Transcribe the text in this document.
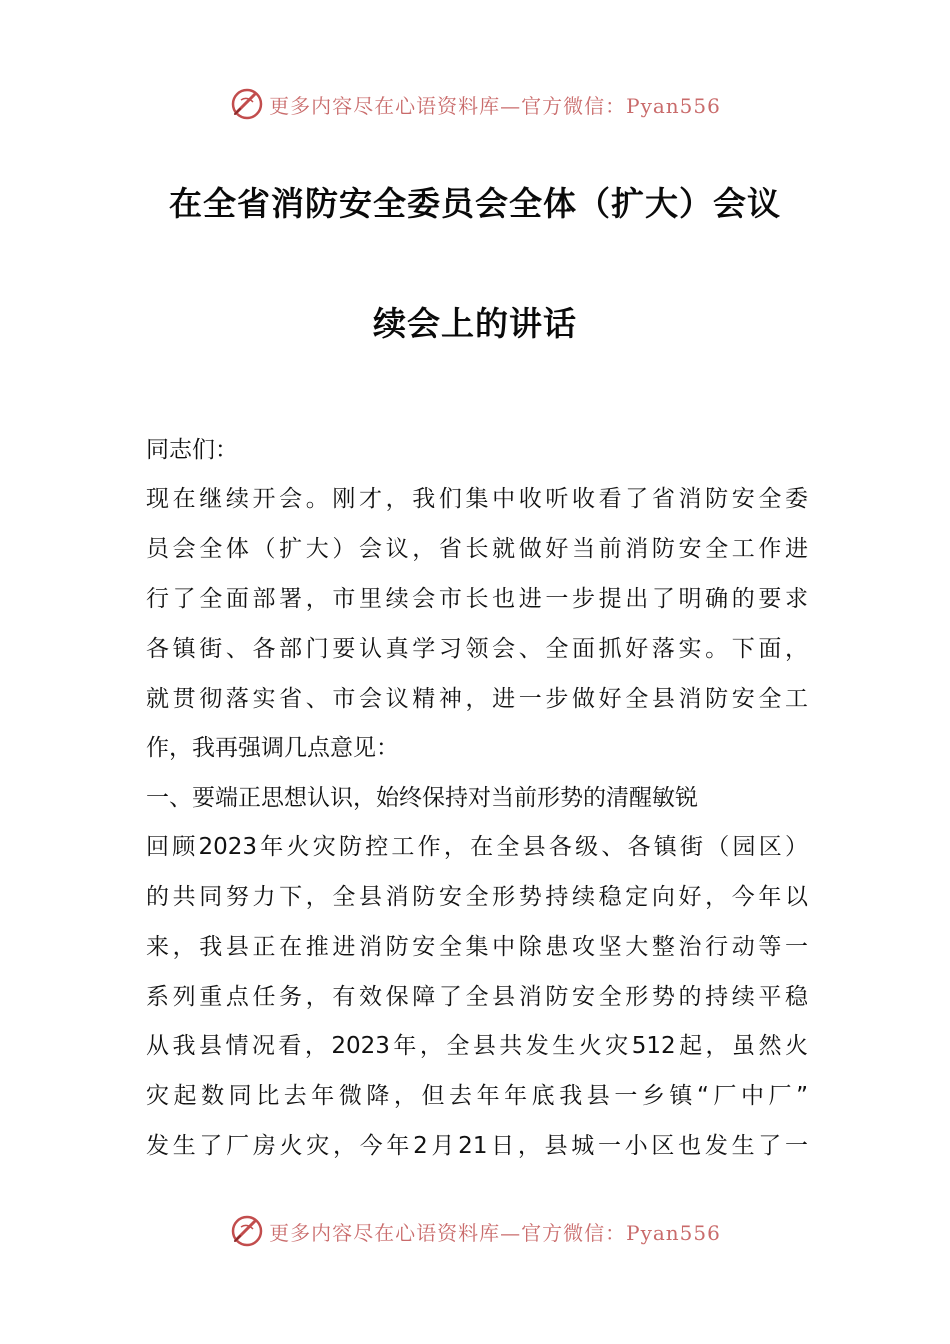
更多内容尽在心语资料库—官方微信：Pyan556
在全省消防安全委员会全体（扩大）会议
续会上的讲话
同志们：
现在继续开会。刚才，我们集中收听收看了省消防安全委
员会全体（扩大）会议，省长就做好当前消防安全工作进
行了全面部署，市里续会市长也进一步提出了明确的要求
各镇街、各部门要认真学习领会、全面抓好落实。下面，
就贯彻落实省、市会议精神，进一步做好全县消防安全工
作，我再强调几点意见：
一、要端正思想认识，始终保持对当前形势的清醒敏锐
回顾2023年火灾防控工作，在全县各级、各镇街（园区）
的共同努力下，全县消防安全形势持续稳定向好，今年以
来，我县正在推进消防安全集中除患攻坚大整治行动等一
系列重点任务，有效保障了全县消防安全形势的持续平稳
从我县情况看，2023年，全县共发生火灾512起，虽然火
灾起数同比去年微降，但去年年底我县一乡镇“厂中厂”
发生了厂房火灾，今年2月21日，县城一小区也发生了一
更多内容尽在心语资料库—官方微信：Pyan556
